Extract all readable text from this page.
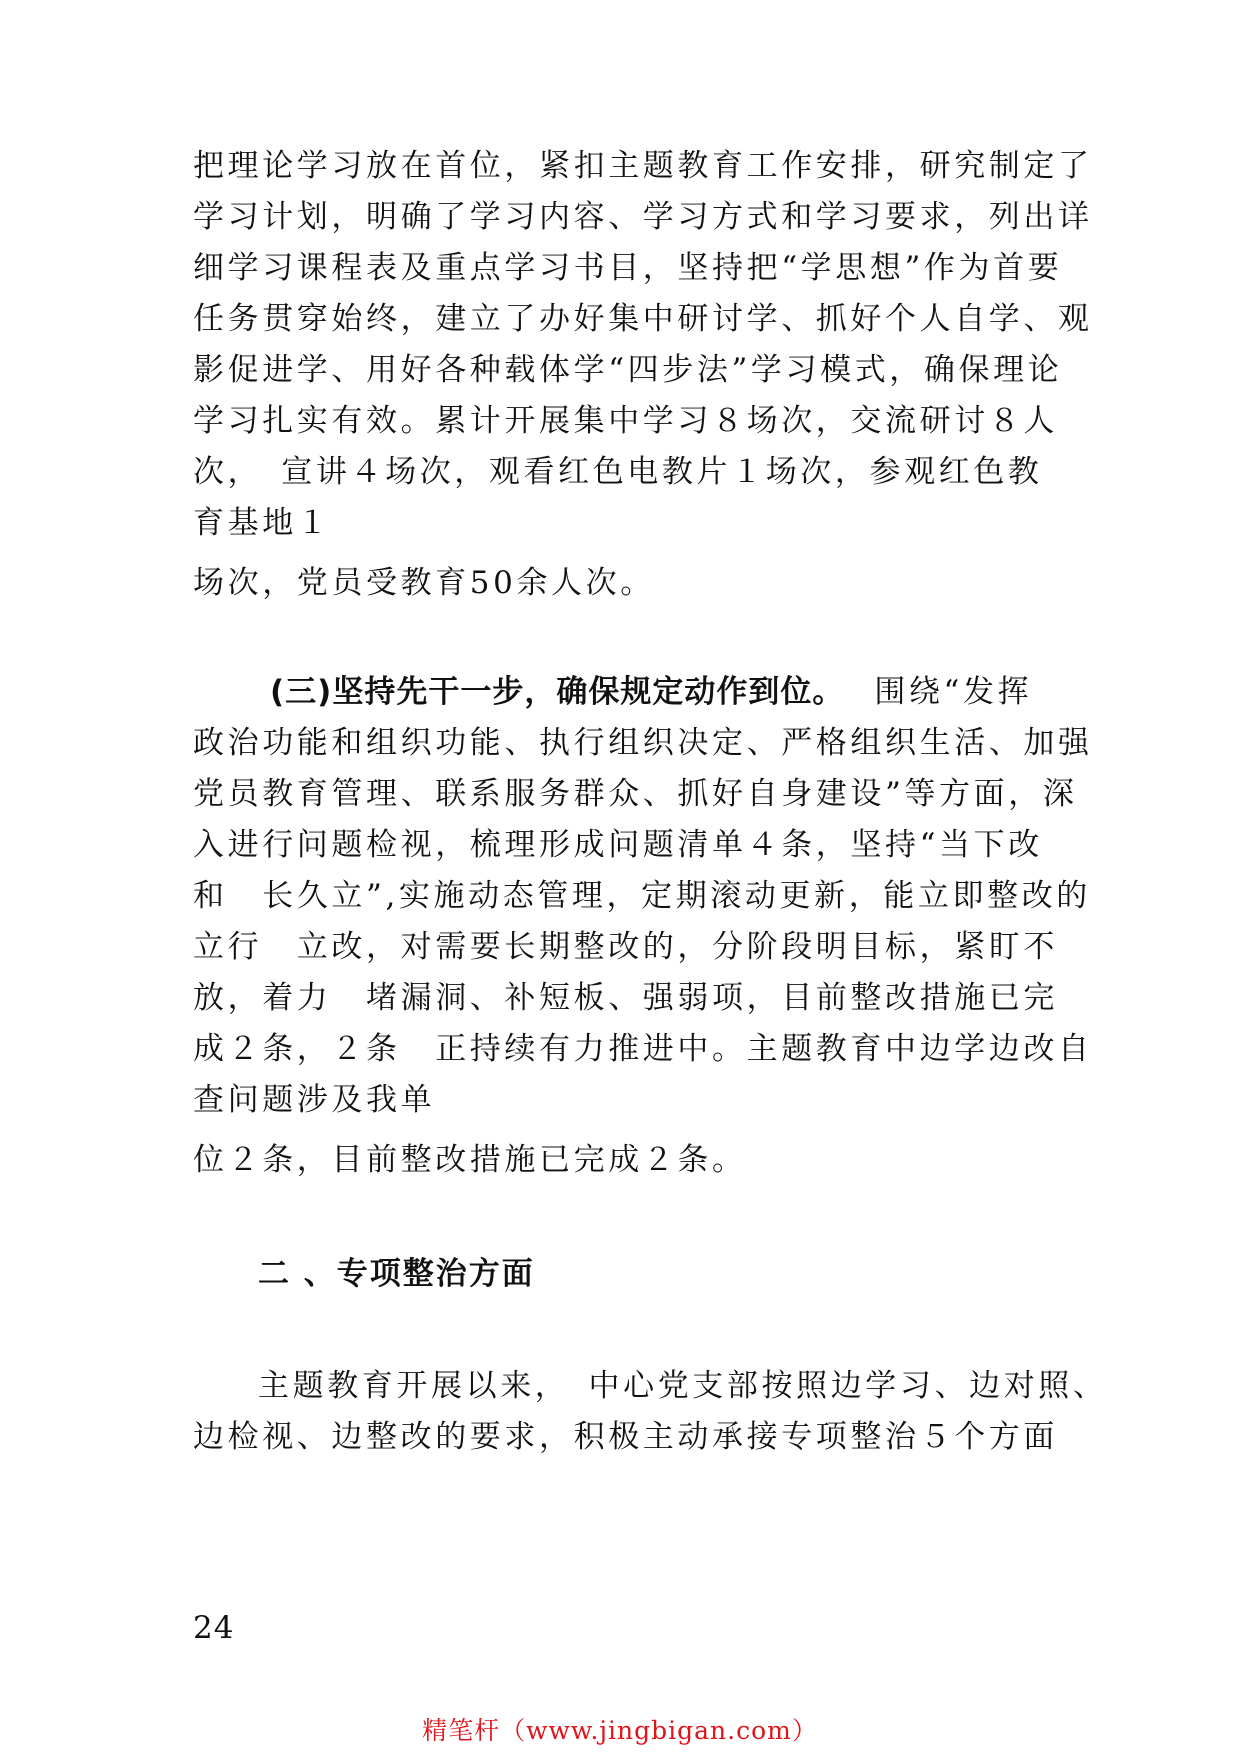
把理论学习放在首位，紧扣主题教育工作安排，研究制定了

学习计划，明确了学习内容、学习方式和学习要求，列出详

细学习课程表及重点学习书目，坚持把“学思想”作为首要

任务贯穿始终，建立了办好集中研讨学、抓好个人自学、观

影促进学、用好各种载体学“四步法”学习模式，确保理论

学习扎实有效。累计开展集中学习８场次，交流研讨８人

次，　宣讲４场次，观看红色电教片１场次，参观红色教

育基地１

场次，党员受教育50余人次。

(三)坚持先干一步，确保规定动作到位。 围绕“发挥

政治功能和组织功能、执行组织决定、严格组织生活、加强

党员教育管理、联系服务群众、抓好自身建设”等方面，深

入进行问题检视，梳理形成问题清单４条，坚持“当下改

和　长久立”,实施动态管理，定期滚动更新，能立即整改的

立行　立改，对需要长期整改的，分阶段明目标，紧盯不

放，着力　堵漏洞、补短板、强弱项，目前整改措施已完

成２条，２条　正持续有力推进中。主题教育中边学边改自

查问题涉及我单

位２条，目前整改措施已完成２条。

二 、专项整治方面

主题教育开展以来，　中心党支部按照边学习、边对照、

边检视、边整改的要求，积极主动承接专项整治５个方面

24

精笔杆（www.jingbigan.com）
